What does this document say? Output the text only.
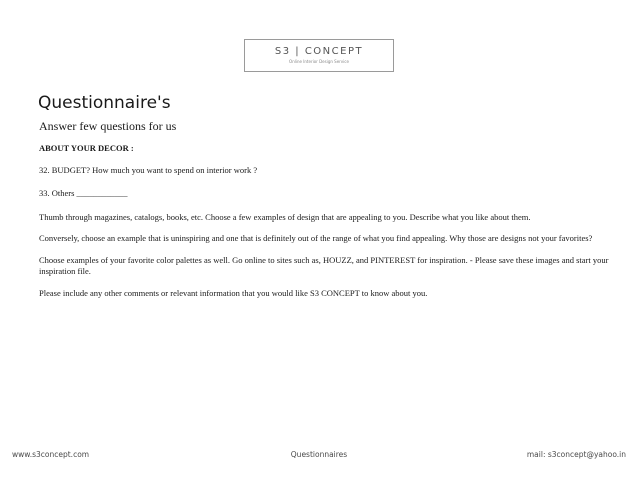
S3 | CONCEPT
Online Interior Design Service
Questionnaire's

Answer few questions for us

ABOUT YOUR DECOR :

32. BUDGET? How much you want to spend on interior work ?

33. Others ____________

Thumb through magazines, catalogs, books, etc. Choose a few examples of design that are appealing to you. Describe what you like about them.

Conversely, choose an example that is uninspiring and one that is definitely out of the range of what you find appealing. Why those are designs not your favorites?

Choose examples of your favorite color palettes as well. Go online to sites such as, HOUZZ, and PINTEREST for inspiration. - Please save these images and start your inspiration file.

Please include any other comments or relevant information that you would like S3 CONCEPT to know about you.

www.s3concept.com	Questionnaires	mail: s3concept@yahoo.in
